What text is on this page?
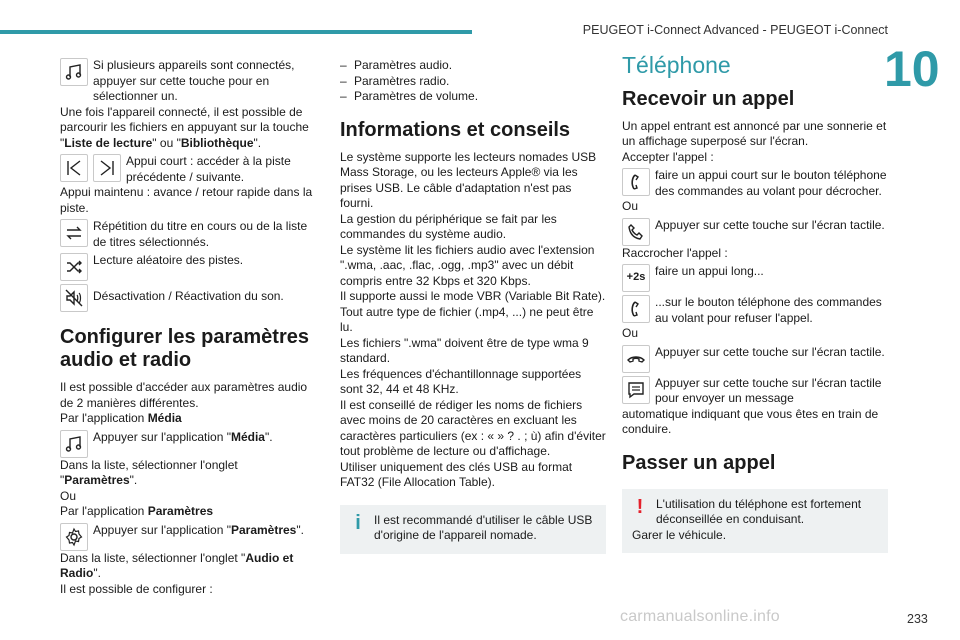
PEUGEOT i-Connect Advanced - PEUGEOT i-Connect
10
Si plusieurs appareils sont connectés, appuyer sur cette touche pour en sélectionner un.

Une fois l'appareil connecté, il est possible de parcourir les fichiers en appuyant sur la touche "Liste de lecture" ou "Bibliothèque".

Appui court : accéder à la piste précédente / suivante.

Appui maintenu : avance / retour rapide dans la piste.

Répétition du titre en cours ou de la liste de titres sélectionnés.
Lecture aléatoire des pistes.
Désactivation / Réactivation du son.
Configurer les paramètres audio et radio

Il est possible d'accéder aux paramètres audio de 2 manières différentes.

Par l'application Média

Appuyer sur l'application "Média".

Dans la liste, sélectionner l'onglet "Paramètres".

Ou

Par l'application Paramètres

Appuyer sur l'application "Paramètres".

Dans la liste, sélectionner l'onglet "Audio et Radio".

Il est possible de configurer :

– Paramètres audio.
– Paramètres radio.
– Paramètres de volume.
Informations et conseils

Le système supporte les lecteurs nomades USB Mass Storage, ou les lecteurs Apple® via les prises USB. Le câble d'adaptation n'est pas fourni.

La gestion du périphérique se fait par les commandes du système audio.

Le système lit les fichiers audio avec l'extension ".wma, .aac, .flac, .ogg, .mp3" avec un débit compris entre 32 Kbps et 320 Kbps.

Il supporte aussi le mode VBR (Variable Bit Rate).

Tout autre type de fichier (.mp4, ...) ne peut être lu.

Les fichiers ".wma" doivent être de type wma 9 standard.

Les fréquences d'échantillonnage supportées sont 32, 44 et 48 KHz.

Il est conseillé de rédiger les noms de fichiers avec moins de 20 caractères en excluant les caractères particuliers (ex : « » ? . ; ù) afin d'éviter tout problème de lecture ou d'affichage.

Utiliser uniquement des clés USB au format FAT32 (File Allocation Table).

i	Il est recommandé d'utiliser le câble USB d'origine de l'appareil nomade.
Téléphone
Recevoir un appel

Un appel entrant est annoncé par une sonnerie et un affichage superposé sur l'écran.

Accepter l'appel :

faire un appui court sur le bouton téléphone des commandes au volant pour décrocher.

Ou

Appuyer sur cette touche sur l'écran tactile.

Raccrocher l'appel :

+2s faire un appui long...
...sur le bouton téléphone des commandes au volant pour refuser l'appel.

Ou

Appuyer sur cette touche sur l'écran tactile.
Appuyer sur cette touche sur l'écran tactile pour envoyer un message

automatique indiquant que vous êtes en train de conduire.

Passer un appel
!	L'utilisation du téléphone est fortement déconseillée en conduisant.
Garer le véhicule.
carmanualsonline.info	233
